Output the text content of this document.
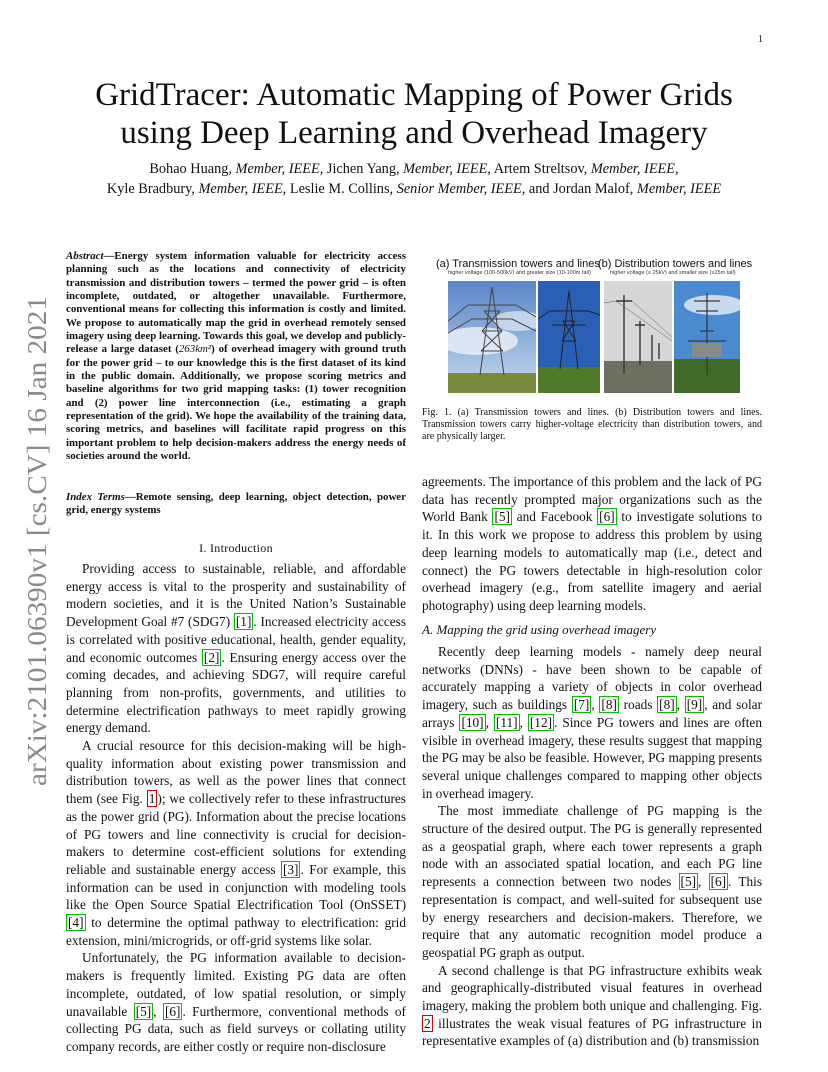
1
arXiv:2101.06390v1 [cs.CV] 16 Jan 2021
GridTracer: Automatic Mapping of Power Grids
using Deep Learning and Overhead Imagery
Bohao Huang, Member, IEEE, Jichen Yang, Member, IEEE, Artem Streltsov, Member, IEEE,
Kyle Bradbury, Member, IEEE, Leslie M. Collins, Senior Member, IEEE, and Jordan Malof, Member, IEEE
Abstract—Energy system information valuable for electricity access planning such as the locations and connectivity of electricity transmission and distribution towers – termed the power grid – is often incomplete, outdated, or altogether unavailable. Furthermore, conventional means for collecting this information is costly and limited. We propose to automatically map the grid in overhead remotely sensed imagery using deep learning. Towards this goal, we develop and publicly-release a large dataset (263km²) of overhead imagery with ground truth for the power grid – to our knowledge this is the first dataset of its kind in the public domain. Additionally, we propose scoring metrics and baseline algorithms for two grid mapping tasks: (1) tower recognition and (2) power line interconnection (i.e., estimating a graph representation of the grid). We hope the availability of the training data, scoring metrics, and baselines will facilitate rapid progress on this important problem to help decision-makers address the energy needs of societies around the world.
Index Terms—Remote sensing, deep learning, object detection, power grid, energy systems
I. Introduction

Providing access to sustainable, reliable, and affordable energy access is vital to the prosperity and sustainability of modern societies, and it is the United Nation’s Sustainable Development Goal #7 (SDG7) [1] . Increased electricity access is correlated with positive educational, health, gender equality, and economic outcomes [2] . Ensuring energy access over the coming decades, and achieving SDG7, will require careful planning from non-profits, governments, and utilities to determine electrification pathways to meet rapidly growing energy demand.

A crucial resource for this decision-making will be high-quality information about existing power transmission and distribution towers, as well as the power lines that connect them (see Fig. 1 ); we collectively refer to these infrastructures as the power grid (PG). Information about the precise locations of PG towers and line connectivity is crucial for decision-makers to determine cost-efficient solutions for extending reliable and sustainable energy access [3] . For example, this information can be used in conjunction with modeling tools like the Open Source Spatial Electrification Tool (OnSSET) [4] to determine the optimal pathway to electrification: grid extension, mini/microgrids, or off-grid systems like solar.

Unfortunately, the PG information available to decision-makers is frequently limited. Existing PG data are often incomplete, outdated, of low spatial resolution, or simply unavailable [5] , [6] . Furthermore, conventional methods of collecting PG data, such as field surveys or collating utility company records, are either costly or require non-disclosure

(a) Transmission towers and lines
(b) Distribution towers and lines
higher voltage (100-500kV) and greater size (10-100m tall)	higher voltage (≤ 25kV) and smaller size (≤15m tall)
Fig. 1. (a) Transmission towers and lines. (b) Distribution towers and lines. Transmission towers carry higher-voltage electricity than distribution towers, and are physically larger.
agreements. The importance of this problem and the lack of PG data has recently prompted major organizations such as the World Bank [5] and Facebook [6] to investigate solutions to it. In this work we propose to address this problem by using deep learning models to automatically map (i.e., detect and connect) the PG towers detectable in high-resolution color overhead imagery (e.g., from satellite imagery and aerial photography) using deep learning models.
A. Mapping the grid using overhead imagery

Recently deep learning models - namely deep neural networks (DNNs) - have been shown to be capable of accurately mapping a variety of objects in color overhead imagery, such as buildings [7] , [8] roads [8] , [9] , and solar arrays [10] , [11] , [12] . Since PG towers and lines are often visible in overhead imagery, these results suggest that mapping the PG may be also be feasible. However, PG mapping presents several unique challenges compared to mapping other objects in overhead imagery.

The most immediate challenge of PG mapping is the structure of the desired output. The PG is generally represented as a geospatial graph, where each tower represents a graph node with an associated spatial location, and each PG line represents a connection between two nodes [5] , [6] . This representation is compact, and well-suited for subsequent use by energy researchers and decision-makers. Therefore, we require that any automatic recognition model produce a geospatial PG graph as output.

A second challenge is that PG infrastructure exhibits weak and geographically-distributed visual features in overhead imagery, making the problem both unique and challenging. Fig. 2 illustrates the weak visual features of PG infrastructure in representative examples of (a) distribution and (b) transmission
